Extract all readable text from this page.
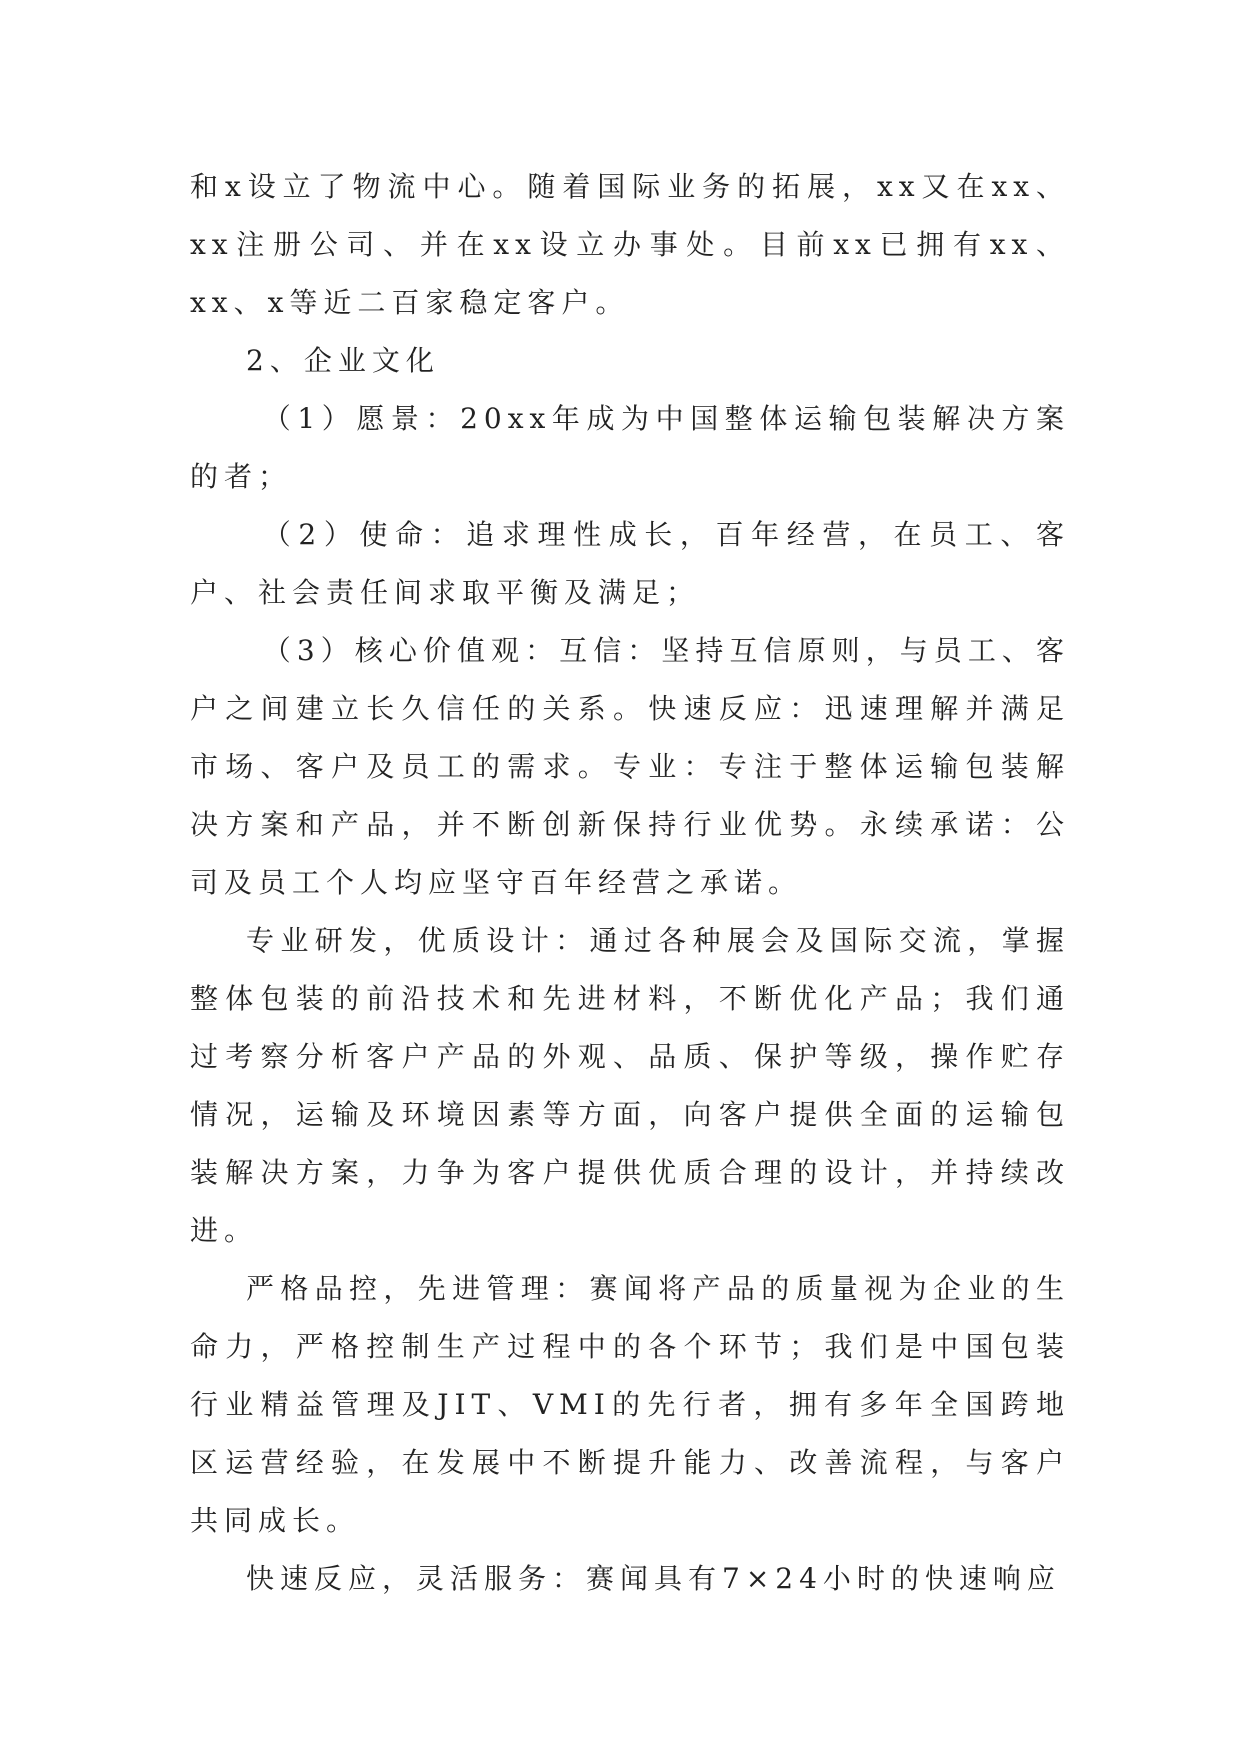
和x设立了物流中心。随着国际业务的拓展，xx又在xx、xx注册公司、并在xx设立办事处。目前xx已拥有xx、xx、x等近二百家稳定客户。

2、企业文化

（1）愿景：20xx年成为中国整体运输包装解决方案的者；

（2）使命：追求理性成长，百年经营，在员工、客户、社会责任间求取平衡及满足；

（3）核心价值观：互信：坚持互信原则，与员工、客户之间建立长久信任的关系。快速反应：迅速理解并满足市场、客户及员工的需求。专业：专注于整体运输包装解决方案和产品，并不断创新保持行业优势。永续承诺：公司及员工个人均应坚守百年经营之承诺。

专业研发，优质设计：通过各种展会及国际交流，掌握整体包装的前沿技术和先进材料，不断优化产品；我们通过考察分析客户产品的外观、品质、保护等级，操作贮存情况，运输及环境因素等方面，向客户提供全面的运输包装解决方案，力争为客户提供优质合理的设计，并持续改进。

严格品控，先进管理：赛闻将产品的质量视为企业的生命力，严格控制生产过程中的各个环节；我们是中国包装行业精益管理及JIT、VMI的先行者，拥有多年全国跨地区运营经验，在发展中不断提升能力、改善流程，与客户共同成长。

快速反应，灵活服务：赛闻具有7×24小时的快速响应
